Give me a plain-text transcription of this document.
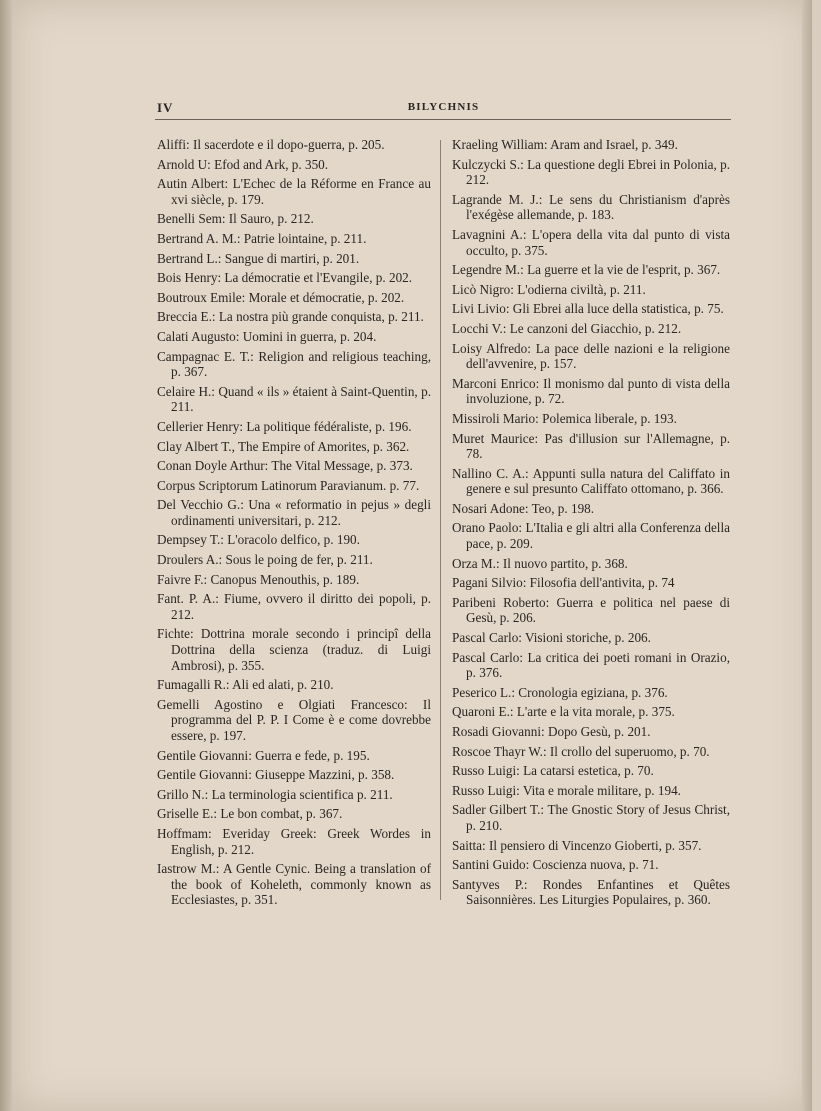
IV	BILYCHNIS

Aliffi: Il sacerdote e il dopo-guerra, p. 205.

Arnold U: Efod and Ark, p. 350.

Autin Albert: L'Echec de la Réforme en France au xvi siècle, p. 179.

Benelli Sem: Il Sauro, p. 212.

Bertrand A. M.: Patrie lointaine, p. 211.

Bertrand L.: Sangue di martiri, p. 201.

Bois Henry: La démocratie et l'Evangile, p. 202.

Boutroux Emile: Morale et démocratie, p. 202.

Breccia E.: La nostra più grande conquista, p. 211.

Calati Augusto: Uomini in guerra, p. 204.

Campagnac E. T.: Religion and religious teaching, p. 367.

Celaire H.: Quand « ils » étaient à Saint-Quentin, p. 211.

Cellerier Henry: La politique fédéraliste, p. 196.

Clay Albert T., The Empire of Amorites, p. 362.

Conan Doyle Arthur: The Vital Message, p. 373.

Corpus Scriptorum Latinorum Paravianum. p. 77.

Del Vecchio G.: Una « reformatio in pejus » degli ordinamenti universitari, p. 212.

Dempsey T.: L'oracolo delfico, p. 190.

Droulers A.: Sous le poing de fer, p. 211.

Faivre F.: Canopus Menouthis, p. 189.

Fant. P. A.: Fiume, ovvero il diritto dei popoli, p. 212.

Fichte: Dottrina morale secondo i principî della Dottrina della scienza (traduz. di Luigi Ambrosi), p. 355.

Fumagalli R.: Ali ed alati, p. 210.

Gemelli Agostino e Olgiati Francesco: Il programma del P. P. I Come è e come dovrebbe essere, p. 197.

Gentile Giovanni: Guerra e fede, p. 195.

Gentile Giovanni: Giuseppe Mazzini, p. 358.

Grillo N.: La terminologia scientifica p. 211.

Griselle E.: Le bon combat, p. 367.

Hoffmam: Everiday Greek: Greek Wordes in English, p. 212.

Iastrow M.: A Gentle Cynic. Being a translation of the book of Koheleth, commonly known as Ecclesiastes, p. 351.

Kraeling William: Aram and Israel, p. 349.

Kulczycki S.: La questione degli Ebrei in Polonia, p. 212.

Lagrande M. J.: Le sens du Christianism d'après l'exégèse allemande, p. 183.

Lavagnini A.: L'opera della vita dal punto di vista occulto, p. 375.

Legendre M.: La guerre et la vie de l'esprit, p. 367.

Licò Nigro: L'odierna civiltà, p. 211.

Livi Livio: Gli Ebrei alla luce della statistica, p. 75.

Locchi V.: Le canzoni del Giacchio, p. 212.

Loisy Alfredo: La pace delle nazioni e la religione dell'avvenire, p. 157.

Marconi Enrico: Il monismo dal punto di vista della involuzione, p. 72.

Missiroli Mario: Polemica liberale, p. 193.

Muret Maurice: Pas d'illusion sur l'Allemagne, p. 78.

Nallino C. A.: Appunti sulla natura del Califfato in genere e sul presunto Califfato ottomano, p. 366.

Nosari Adone: Teo, p. 198.

Orano Paolo: L'Italia e gli altri alla Conferenza della pace, p. 209.

Orza M.: Il nuovo partito, p. 368.

Pagani Silvio: Filosofia dell'antivita, p. 74

Paribeni Roberto: Guerra e politica nel paese di Gesù, p. 206.

Pascal Carlo: Visioni storiche, p. 206.

Pascal Carlo: La critica dei poeti romani in Orazio, p. 376.

Peserico L.: Cronologia egiziana, p. 376.

Quaroni E.: L'arte e la vita morale, p. 375.

Rosadi Giovanni: Dopo Gesù, p. 201.

Roscoe Thayr W.: Il crollo del superuomo, p. 70.

Russo Luigi: La catarsi estetica, p. 70.

Russo Luigi: Vita e morale militare, p. 194.

Sadler Gilbert T.: The Gnostic Story of Jesus Christ, p. 210.

Saitta: Il pensiero di Vincenzo Gioberti, p. 357.

Santini Guido: Coscienza nuova, p. 71.

Santyves P.: Rondes Enfantines et Quêtes Saisonnières. Les Liturgies Populaires, p. 360.
